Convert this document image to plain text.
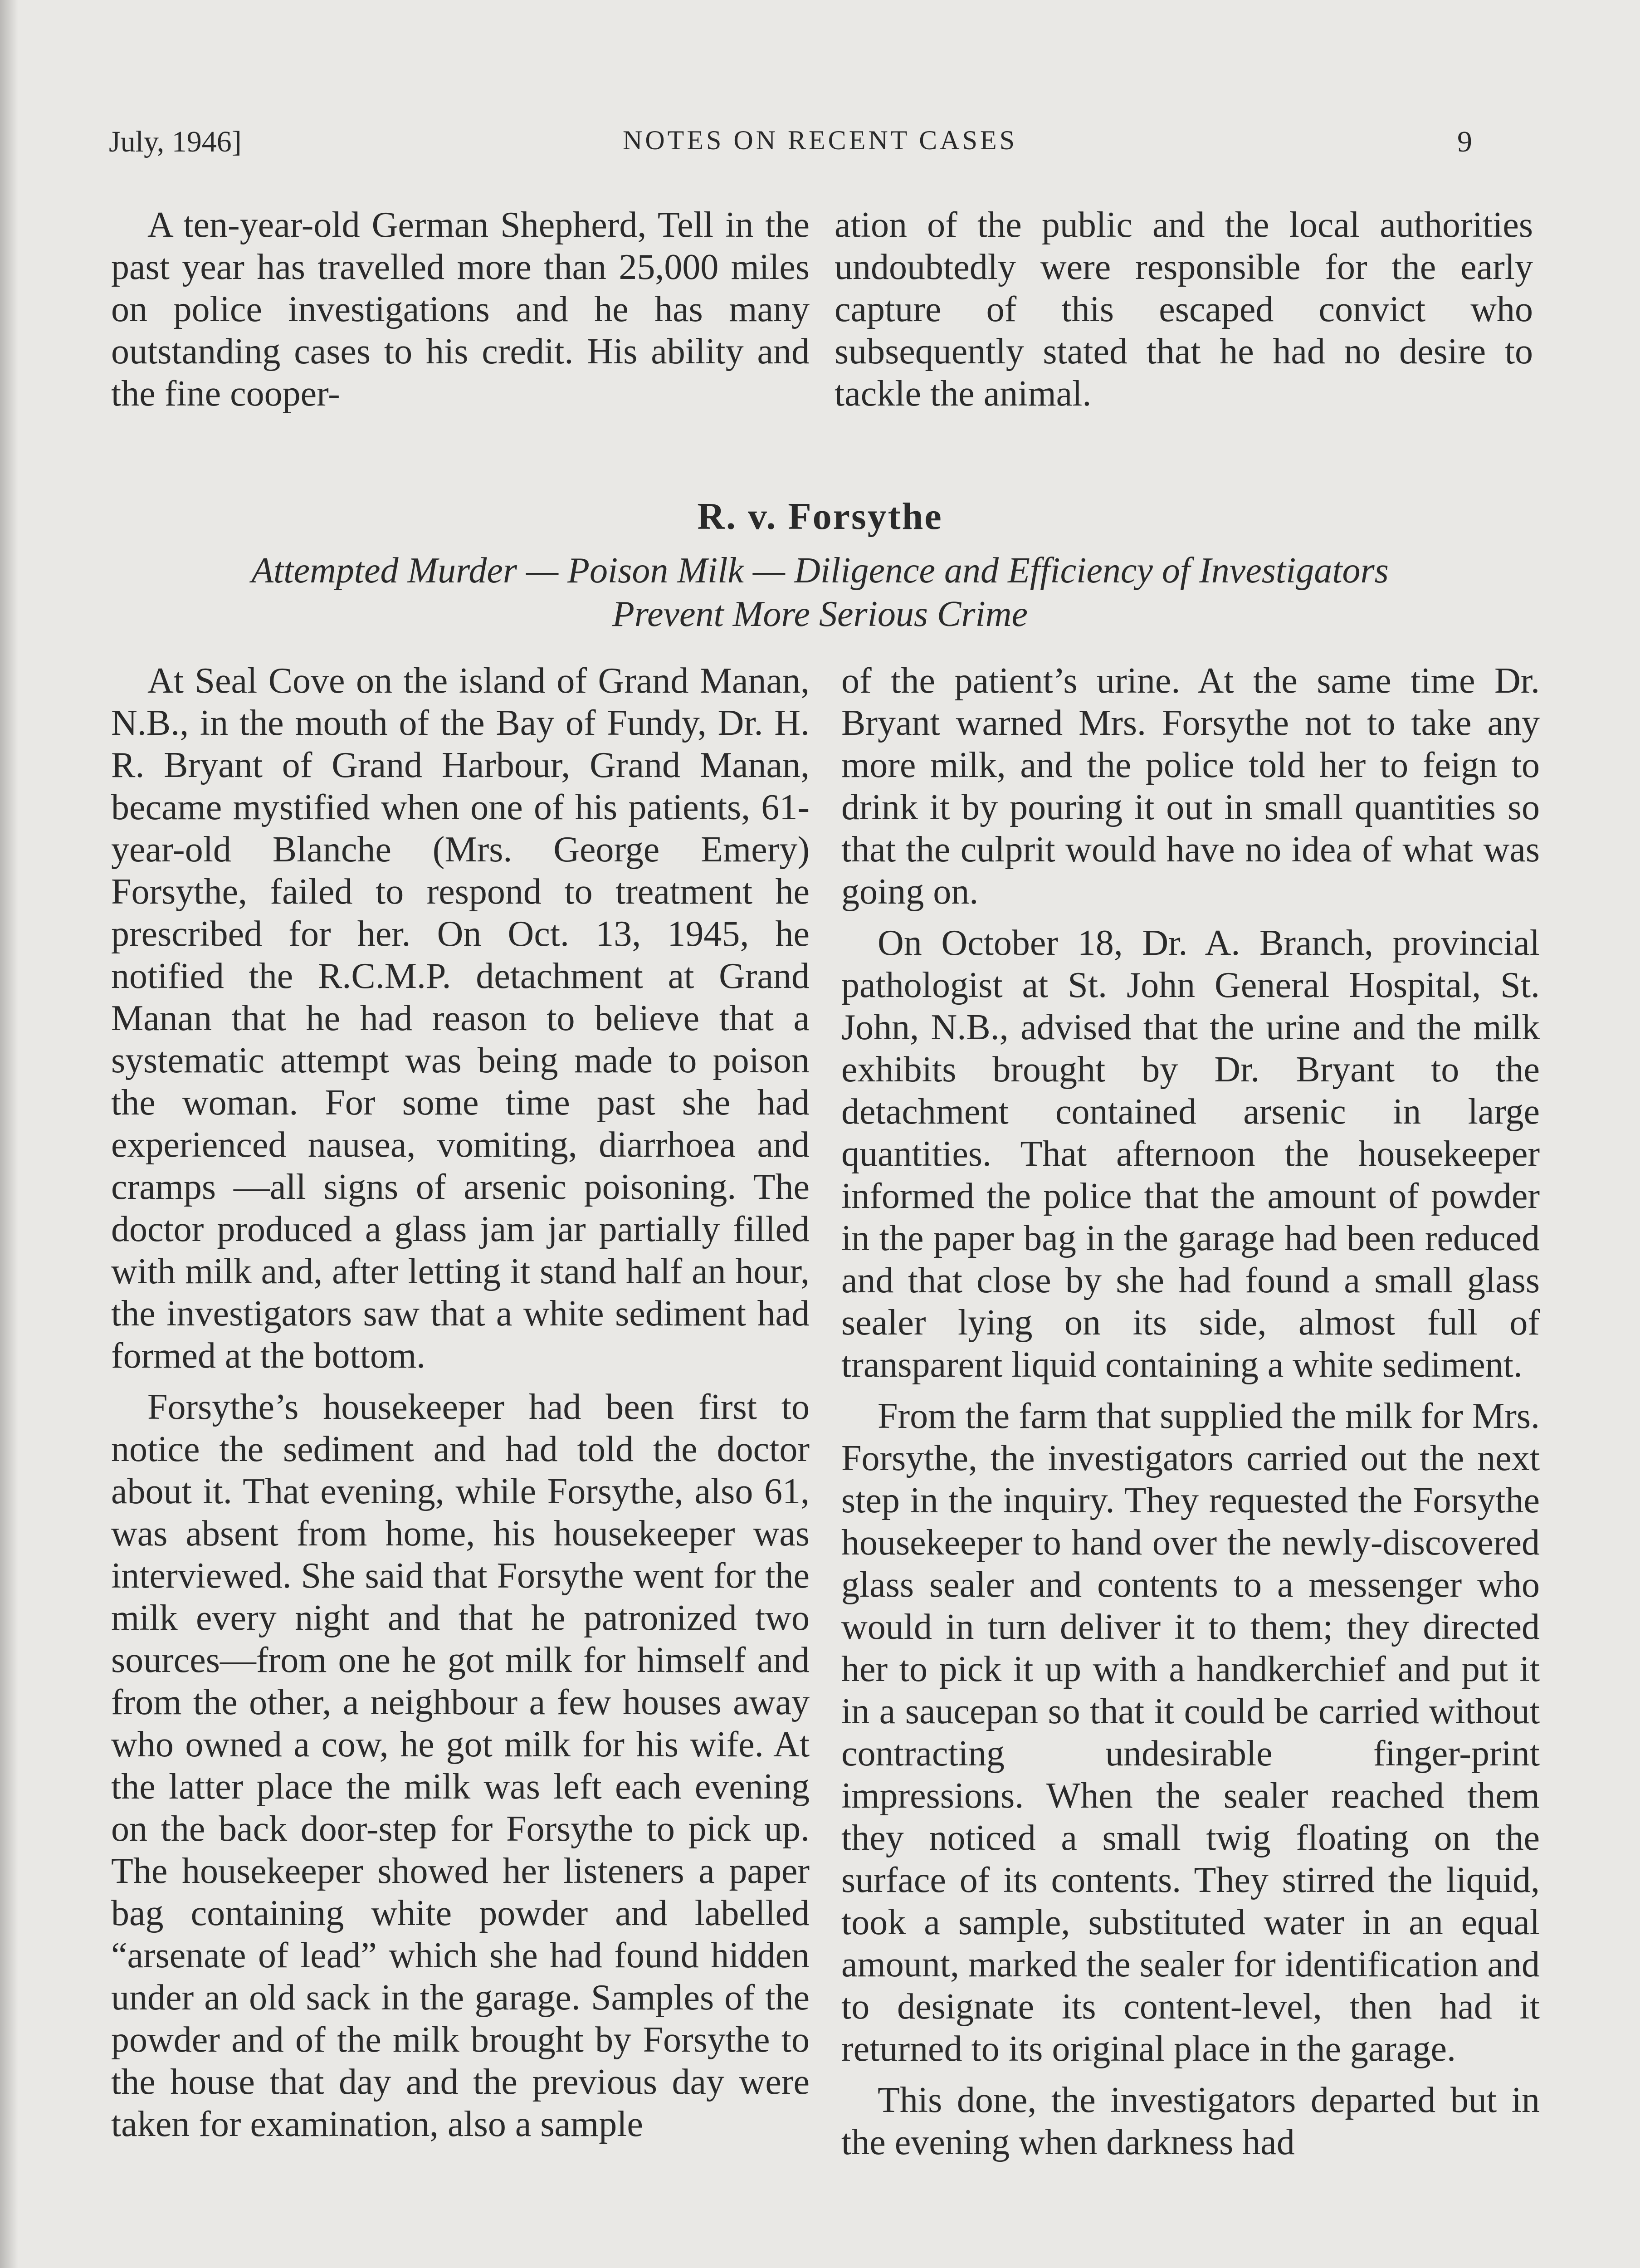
July, 1946]	NOTES ON RECENT CASES	9

A ten-year-old German Shepherd, Tell in the past year has travelled more than 25,000 miles on police investigations and he has many outstanding cases to his credit. His ability and the fine cooper-

ation of the public and the local authorities undoubtedly were responsible for the early capture of this escaped convict who subsequently stated that he had no desire to tackle the animal.

R. v. Forsythe
Attempted Murder — Poison Milk — Diligence and Efficiency of Investigators
Prevent More Serious Crime

At Seal Cove on the island of Grand Manan, N.B., in the mouth of the Bay of Fundy, Dr. H. R. Bryant of Grand Harbour, Grand Manan, became mystified when one of his patients, 61-year-old Blanche (Mrs. George Emery) Forsythe, failed to respond to treatment he prescribed for her. On Oct. 13, 1945, he notified the R.C.M.P. detachment at Grand Manan that he had reason to believe that a systematic attempt was being made to poison the woman. For some time past she had experienced nausea, vomiting, diarrhoea and cramps —all signs of arsenic poisoning. The doctor produced a glass jam jar partially filled with milk and, after letting it stand half an hour, the investigators saw that a white sediment had formed at the bottom.

Forsythe’s housekeeper had been first to notice the sediment and had told the doctor about it. That evening, while Forsythe, also 61, was absent from home, his housekeeper was interviewed. She said that Forsythe went for the milk every night and that he patronized two sources—from one he got milk for himself and from the other, a neighbour a few houses away who owned a cow, he got milk for his wife. At the latter place the milk was left each evening on the back door-step for Forsythe to pick up. The housekeeper showed her listeners a paper bag containing white powder and labelled “arsenate of lead” which she had found hidden under an old sack in the garage. Samples of the powder and of the milk brought by Forsythe to the house that day and the previous day were taken for examination, also a sample

of the patient’s urine. At the same time Dr. Bryant warned Mrs. Forsythe not to take any more milk, and the police told her to feign to drink it by pouring it out in small quantities so that the culprit would have no idea of what was going on.

On October 18, Dr. A. Branch, provincial pathologist at St. John General Hospital, St. John, N.B., advised that the urine and the milk exhibits brought by Dr. Bryant to the detachment contained arsenic in large quantities. That afternoon the housekeeper informed the police that the amount of powder in the paper bag in the garage had been reduced and that close by she had found a small glass sealer lying on its side, almost full of transparent liquid containing a white sediment.

From the farm that supplied the milk for Mrs. Forsythe, the investigators carried out the next step in the inquiry. They requested the Forsythe housekeeper to hand over the newly-discovered glass sealer and contents to a messenger who would in turn deliver it to them; they directed her to pick it up with a handkerchief and put it in a saucepan so that it could be carried without contracting undesirable finger-print impressions. When the sealer reached them they noticed a small twig floating on the surface of its contents. They stirred the liquid, took a sample, substituted water in an equal amount, marked the sealer for identification and to designate its content-level, then had it returned to its original place in the garage.

This done, the investigators departed but in the evening when darkness had
